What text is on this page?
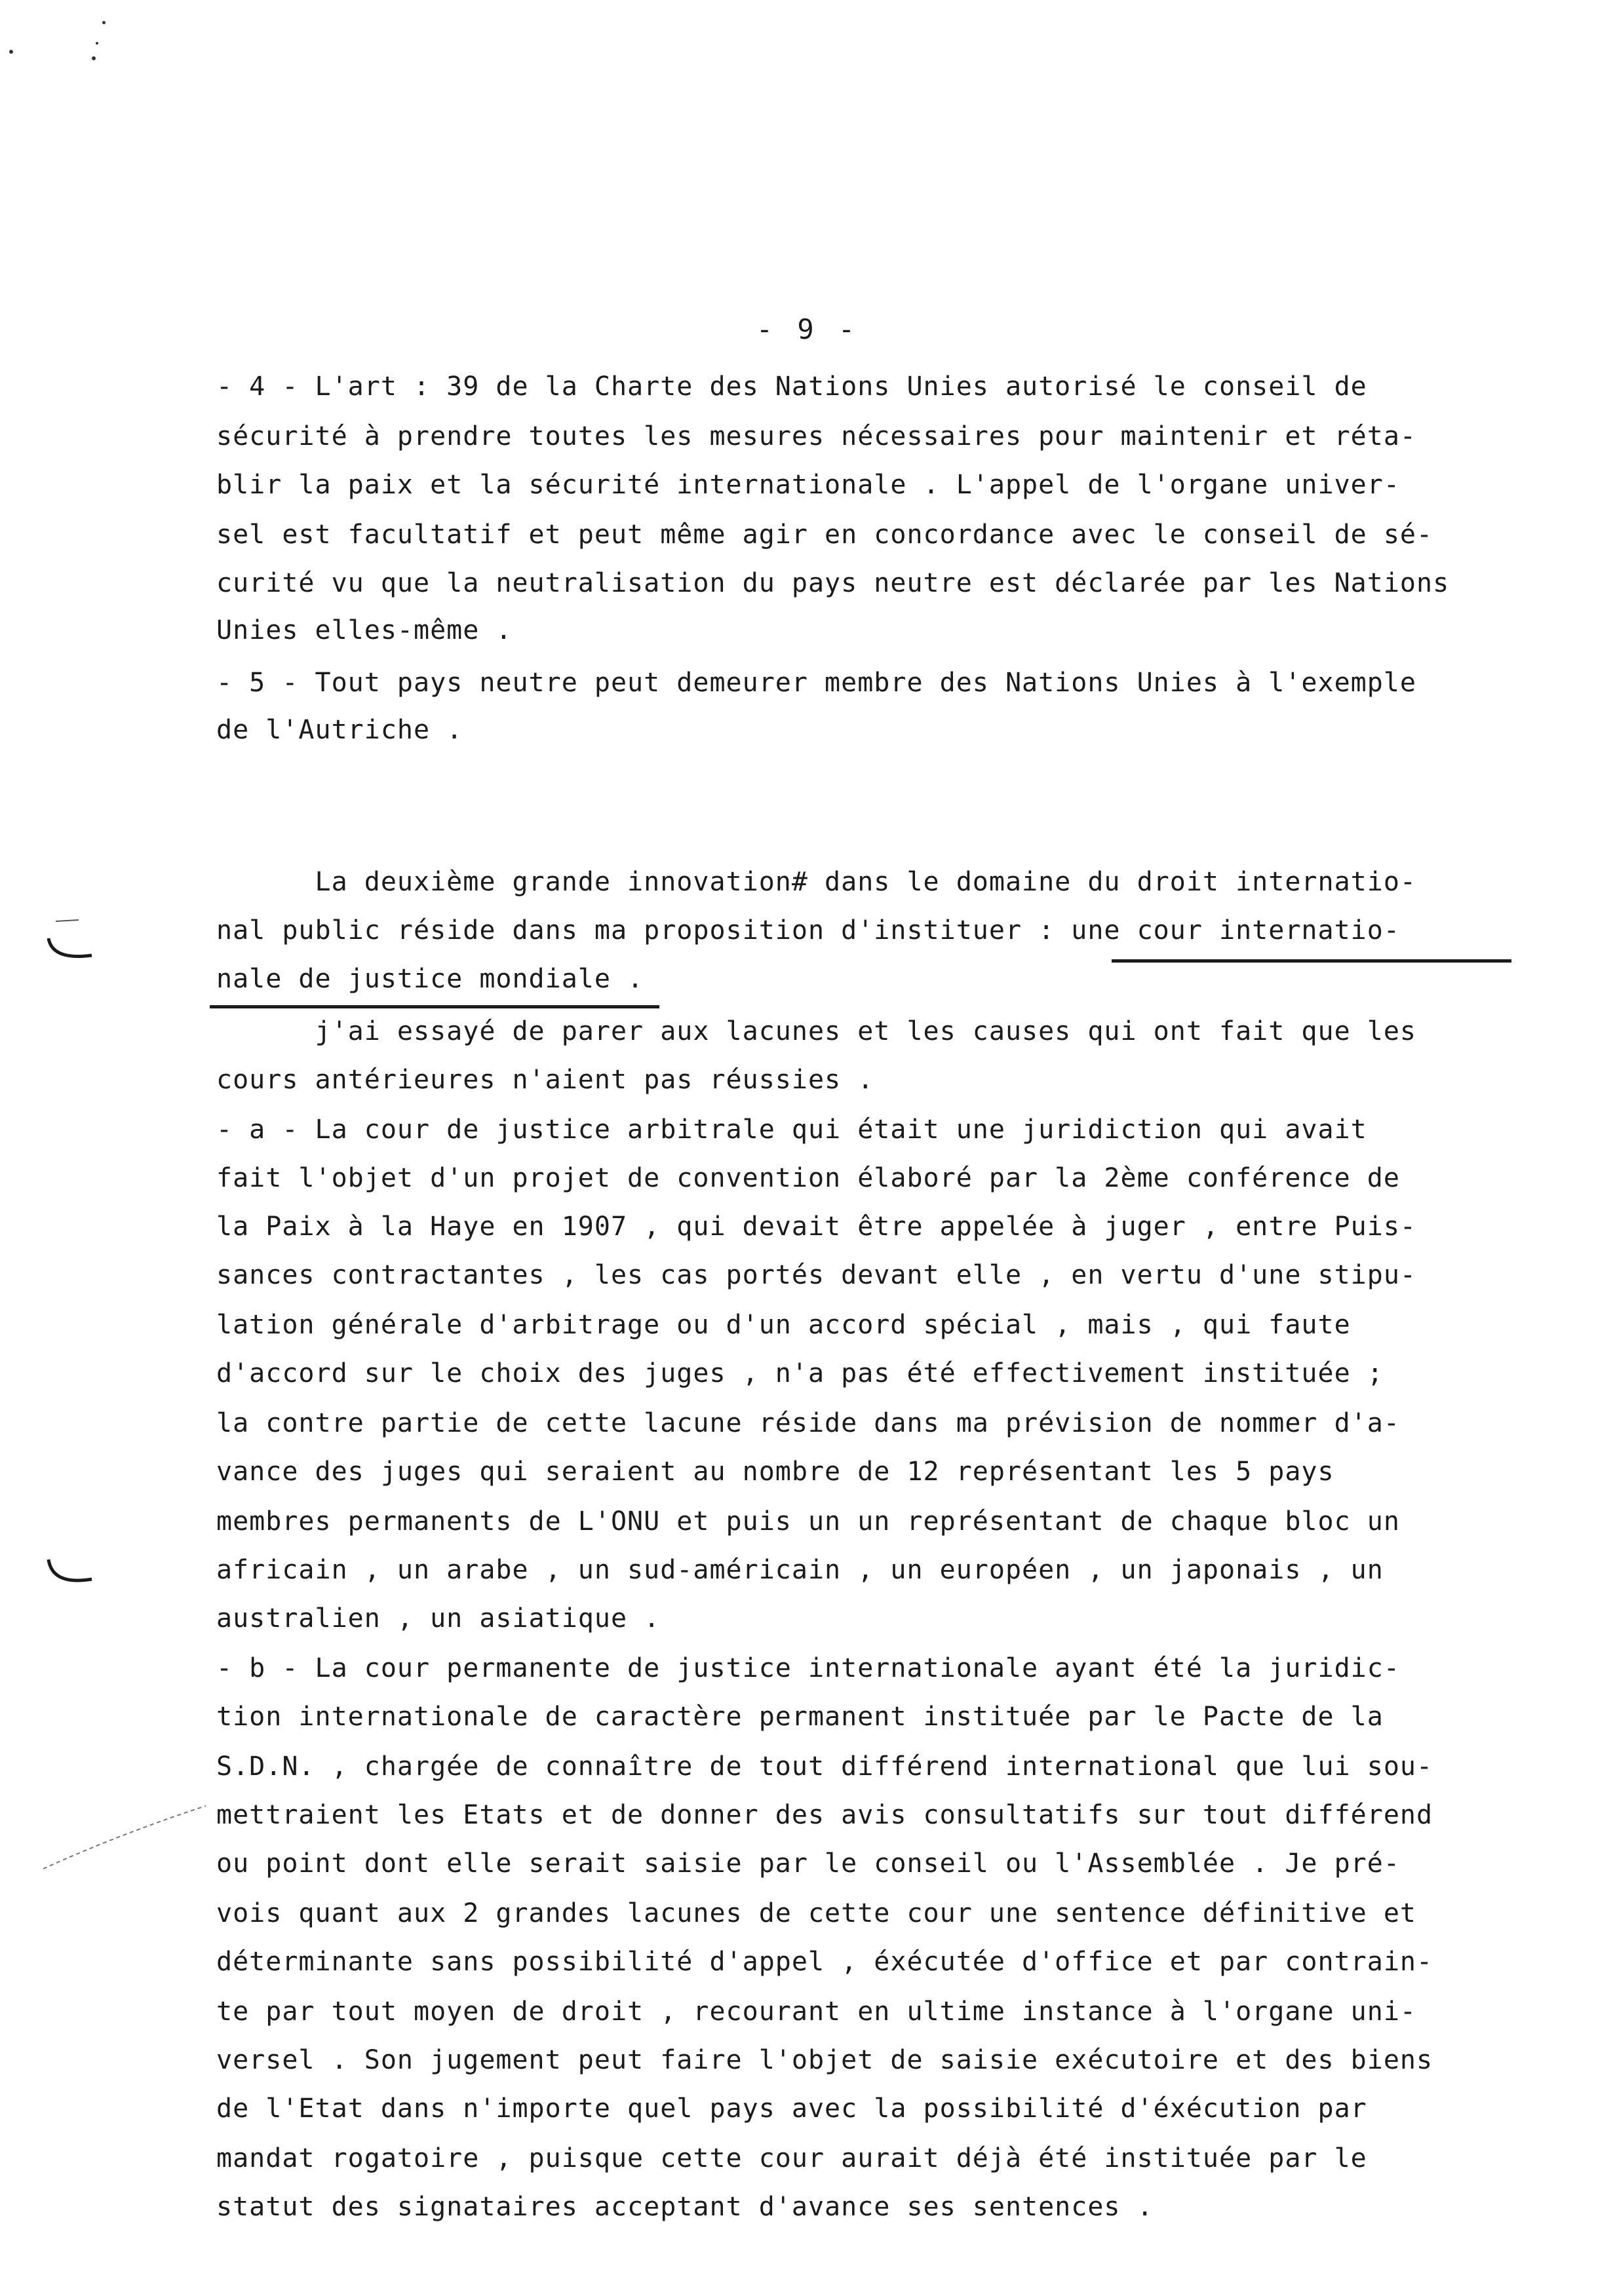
- 9 -
- 4 - L'art : 39 de la Charte des Nations Unies autorisé le conseil de
sécurité à prendre toutes les mesures nécessaires pour maintenir et réta-
blir la paix et la sécurité internationale . L'appel de l'organe univer-
sel est facultatif et peut même agir en concordance avec le conseil de sé-
curité vu que la neutralisation du pays neutre est déclarée par les Nations
Unies elles-même .
- 5 - Tout pays neutre peut demeurer membre des Nations Unies à l'exemple
de l'Autriche .
La deuxième grande innovation# dans le domaine du droit internatio-
nal public réside dans ma proposition d'instituer : une cour internatio-
nale de justice mondiale .
j'ai essayé de parer aux lacunes et les causes qui ont fait que les
cours antérieures n'aient pas réussies .
- a - La cour de justice arbitrale qui était une juridiction qui avait
fait l'objet d'un projet de convention élaboré par la 2ème conférence de
la Paix à la Haye en 1907 , qui devait être appelée à juger , entre Puis-
sances contractantes , les cas portés devant elle , en vertu d'une stipu-
lation générale d'arbitrage ou d'un accord spécial , mais , qui faute
d'accord sur le choix des juges , n'a pas été effectivement instituée ;
la contre partie de cette lacune réside dans ma prévision de nommer d'a-
vance des juges qui seraient au nombre de 12 représentant les 5 pays
membres permanents de L'ONU et puis un un représentant de chaque bloc un
africain , un arabe , un sud-américain , un européen , un japonais , un
australien , un asiatique .
- b - La cour permanente de justice internationale ayant été la juridic-
tion internationale de caractère permanent instituée par le Pacte de la
S.D.N. , chargée de connaître de tout différend international que lui sou-
mettraient les Etats et de donner des avis consultatifs sur tout différend
ou point dont elle serait saisie par le conseil ou l'Assemblée . Je pré-
vois quant aux 2 grandes lacunes de cette cour une sentence définitive et
déterminante sans possibilité d'appel , éxécutée d'office et par contrain-
te par tout moyen de droit , recourant en ultime instance à l'organe uni-
versel . Son jugement peut faire l'objet de saisie exécutoire et des biens
de l'Etat dans n'importe quel pays avec la possibilité d'éxécution par
mandat rogatoire , puisque cette cour aurait déjà été instituée par le
statut des signataires acceptant d'avance ses sentences .
